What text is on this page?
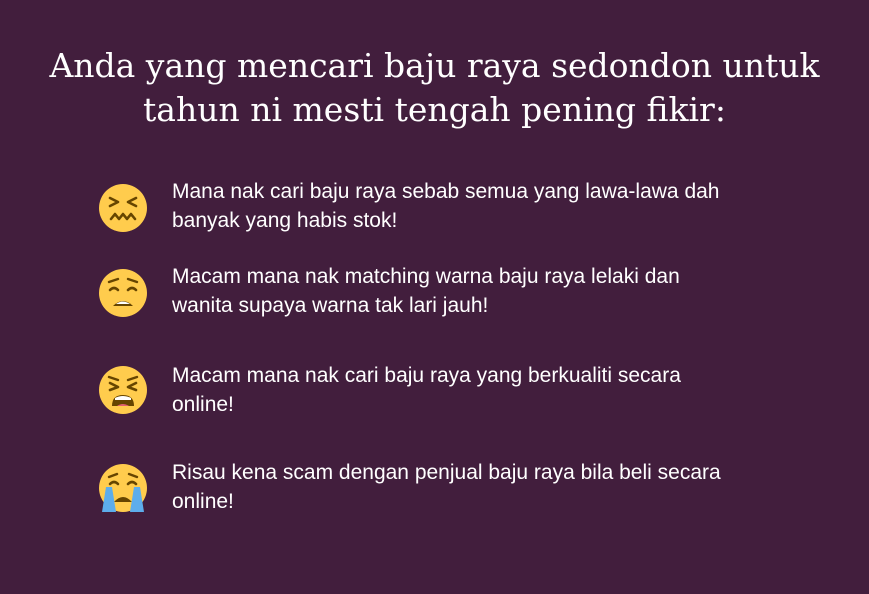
Anda yang mencari baju raya sedondon untuk
tahun ni mesti tengah pening fikir:
Mana nak cari baju raya sebab semua yang lawa-lawa dah
banyak yang habis stok!
Macam mana nak matching warna baju raya lelaki dan
wanita supaya warna tak lari jauh!
Macam mana nak cari baju raya yang berkualiti secara
online!
Risau kena scam dengan penjual baju raya bila beli secara
online!
